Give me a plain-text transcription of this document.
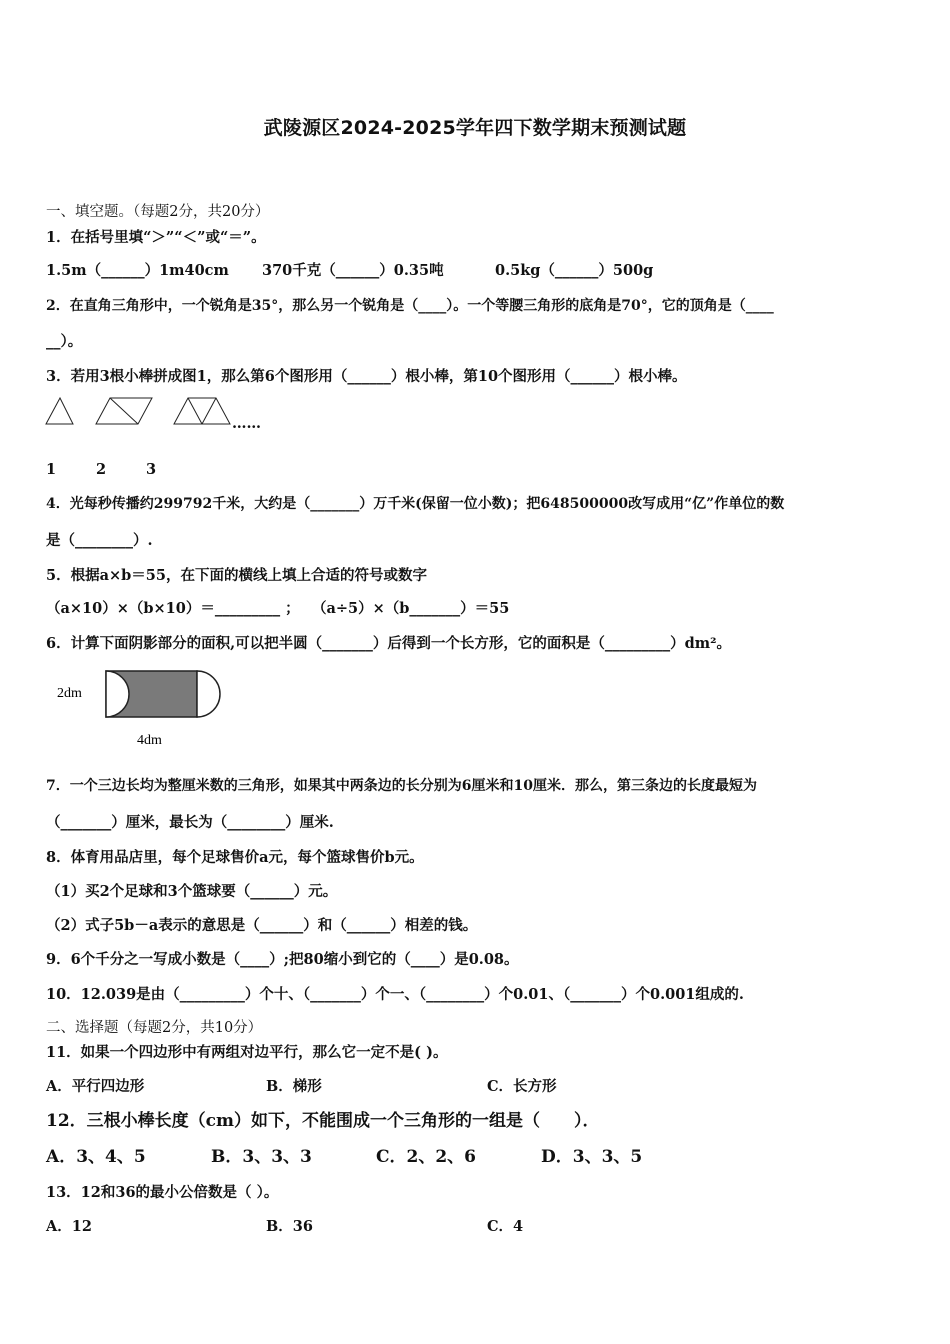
武陵源区2024-2025学年四下数学期末预测试题
一、填空题。（每题2分，共20分）
1．在括号里填“＞”“＜”或“＝”。
1.5m（______）1m40cm 370千克（______）0.35吨	0.5kg（______）500g
2．在直角三角形中，一个锐角是35°，那么另一个锐角是（____）。一个等腰三角形的底角是70°，它的顶角是（____
__）。
3．若用3根小棒拼成图1，那么第6个图形用（______）根小棒，第10个图形用（______）根小棒。
……
1	2	3
4．光每秒传播约299792千米，大约是（_______）万千米(保留一位小数)；把648500000改写成用“亿”作单位的数
是（________）.
5．根据a×b＝55，在下面的横线上填上合适的符号或数字
（a×10）×（b×10）＝_________ ； （a÷5）×（b_______）＝55
6．计算下面阴影部分的面积,可以把半圆（_______）后得到一个长方形，它的面积是（_________）dm²。
2dm
4dm
7．一个三边长均为整厘米数的三角形，如果其中两条边的长分别为6厘米和10厘米．那么，第三条边的长度最短为
（_______）厘米，最长为（________）厘米.
8．体育用品店里，每个足球售价a元，每个篮球售价b元。
（1）买2个足球和3个篮球要（______）元。
（2）式子5b－a表示的意思是（______）和（______）相差的钱。
9．6个千分之一写成小数是（____）;把80缩小到它的（____）是0.08。
10．12.039是由（_________）个十、（_______）个一、（________）个0.01、（_______）个0.001组成的.
二、选择题（每题2分，共10分）
11．如果一个四边形中有两组对边平行，那么它一定不是( )。
A．平行四边形	B．梯形	C．长方形
12．三根小棒长度（cm）如下，不能围成一个三角形的一组是（　　）．
A．3、4、5	B．3、3、3	C．2、2、6	D．3、3、5
13．12和36的最小公倍数是（ ）。
A．12	B．36	C．4
